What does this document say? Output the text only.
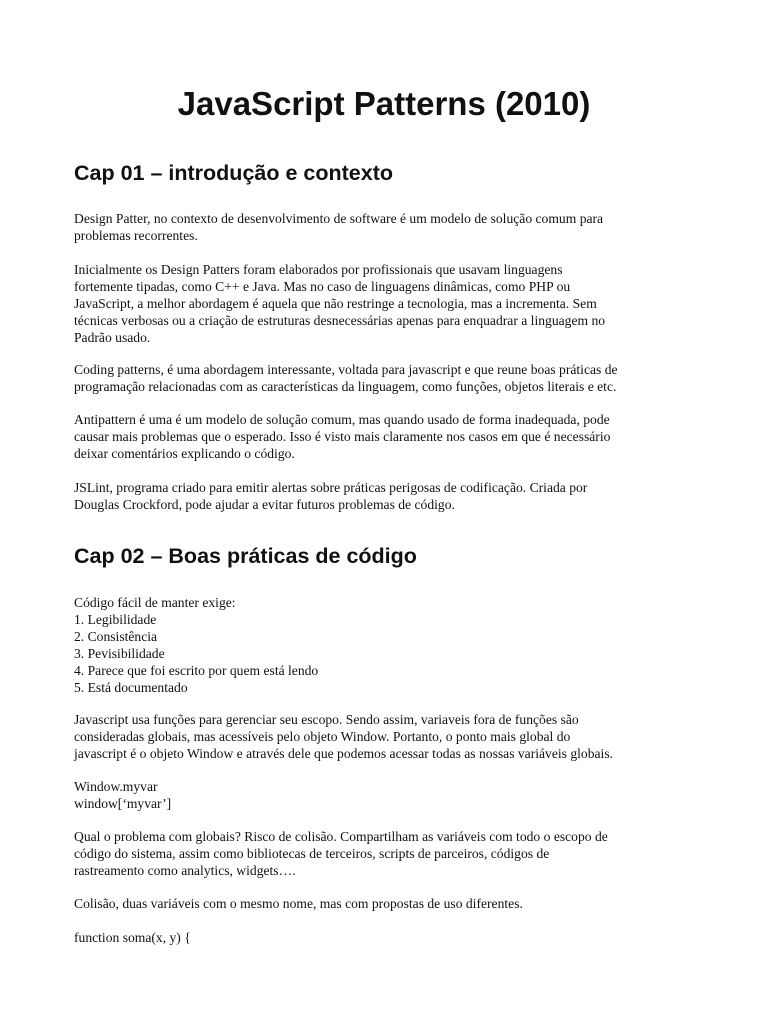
JavaScript Patterns (2010)
Cap 01 – introdução e contexto

Design Patter, no contexto de desenvolvimento de software é um modelo de solução comum para
problemas recorrentes.

Inicialmente os Design Patters foram elaborados por profissionais que usavam linguagens
fortemente tipadas, como C++ e Java. Mas no caso de linguagens dinâmicas, como PHP ou
JavaScript, a melhor abordagem é aquela que não restringe a tecnologia, mas a incrementa. Sem
técnicas verbosas ou a criação de estruturas desnecessárias apenas para enquadrar a linguagem no
Padrão usado.

Coding patterns, é uma abordagem interessante, voltada para javascript e que reune boas práticas de
programação relacionadas com as características da linguagem, como funções, objetos literais e etc.

Antipattern é uma é um modelo de solução comum, mas quando usado de forma inadequada, pode
causar mais problemas que o esperado. Isso é visto mais claramente nos casos em que é necessário
deixar comentários explicando o código.

JSLint, programa criado para emitir alertas sobre práticas perigosas de codificação. Criada por
Douglas Crockford, pode ajudar a evitar futuros problemas de código.

Cap 02 – Boas práticas de código

Código fácil de manter exige:
1. Legibilidade
2. Consistência
3. Pevisibilidade
4. Parece que foi escrito por quem está lendo
5. Está documentado

Javascript usa funções para gerenciar seu escopo. Sendo assim, variaveis fora de funções são
consideradas globais, mas acessíveis pelo objeto Window. Portanto, o ponto mais global do
javascript é o objeto Window e através dele que podemos acessar todas as nossas variáveis globais.

Window.myvar
window[‘myvar’]

Qual o problema com globais? Risco de colisão. Compartilham as variáveis com todo o escopo de
código do sistema, assim como bibliotecas de terceiros, scripts de parceiros, códigos de
rastreamento como analytics, widgets….

Colisão, duas variáveis com o mesmo nome, mas com propostas de uso diferentes.

function soma(x, y) {
